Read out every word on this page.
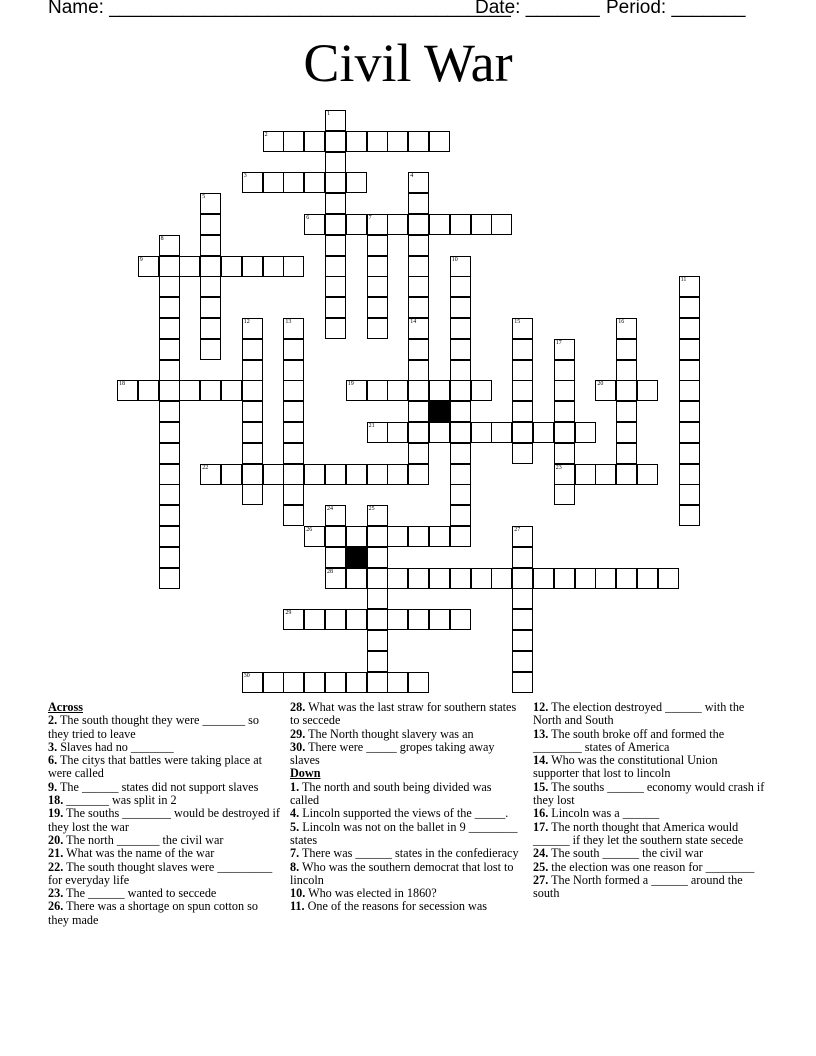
Name: ______________________________________
Date: _______ Period: _______
Civil War
1
2
3	4
14
5
6	7
8
9	10
11
12	13	15	16
17
23
18	19	20
21
22
24	25
26	27
28
29
30
Across
2. The south thought they were _______ so they tried to leave
3. Slaves had no _______
6. The citys that battles were taking place at were called
9. The ______ states did not support slaves
18. _______ was split in 2
19. The souths ________ would be destroyed if they lost the war
20. The north _______ the civil war
21. What was the name of the war
22. The south thought slaves were _________ for everyday life
23. The ______ wanted to seccede
26. There was a shortage on spun cotton so they made
28. What was the last straw for southern states to seccede
29. The North thought slavery was an
30. There were _____ gropes taking away slaves
Down
1. The north and south being divided was called
4. Lincoln supported the views of the _____.
5. Lincoln was not on the ballet in 9 ________ states
7. There was ______ states in the confedieracy
8. Who was the southern democrat that lost to lincoln
10. Who was elected in 1860?
11. One of the reasons for secession was
12. The election destroyed ______ with the North and South
13. The south broke off and formed the ________ states of America
14. Who was the constitutional Union supporter that lost to lincoln
15. The souths ______ economy would crash if they lost
16. Lincoln was a ______
17. The north thought that America would ______ if they let the southern state secede
24. The south ______ the civil war
25. the election was one reason for ________
27. The North formed a ______ around the south
